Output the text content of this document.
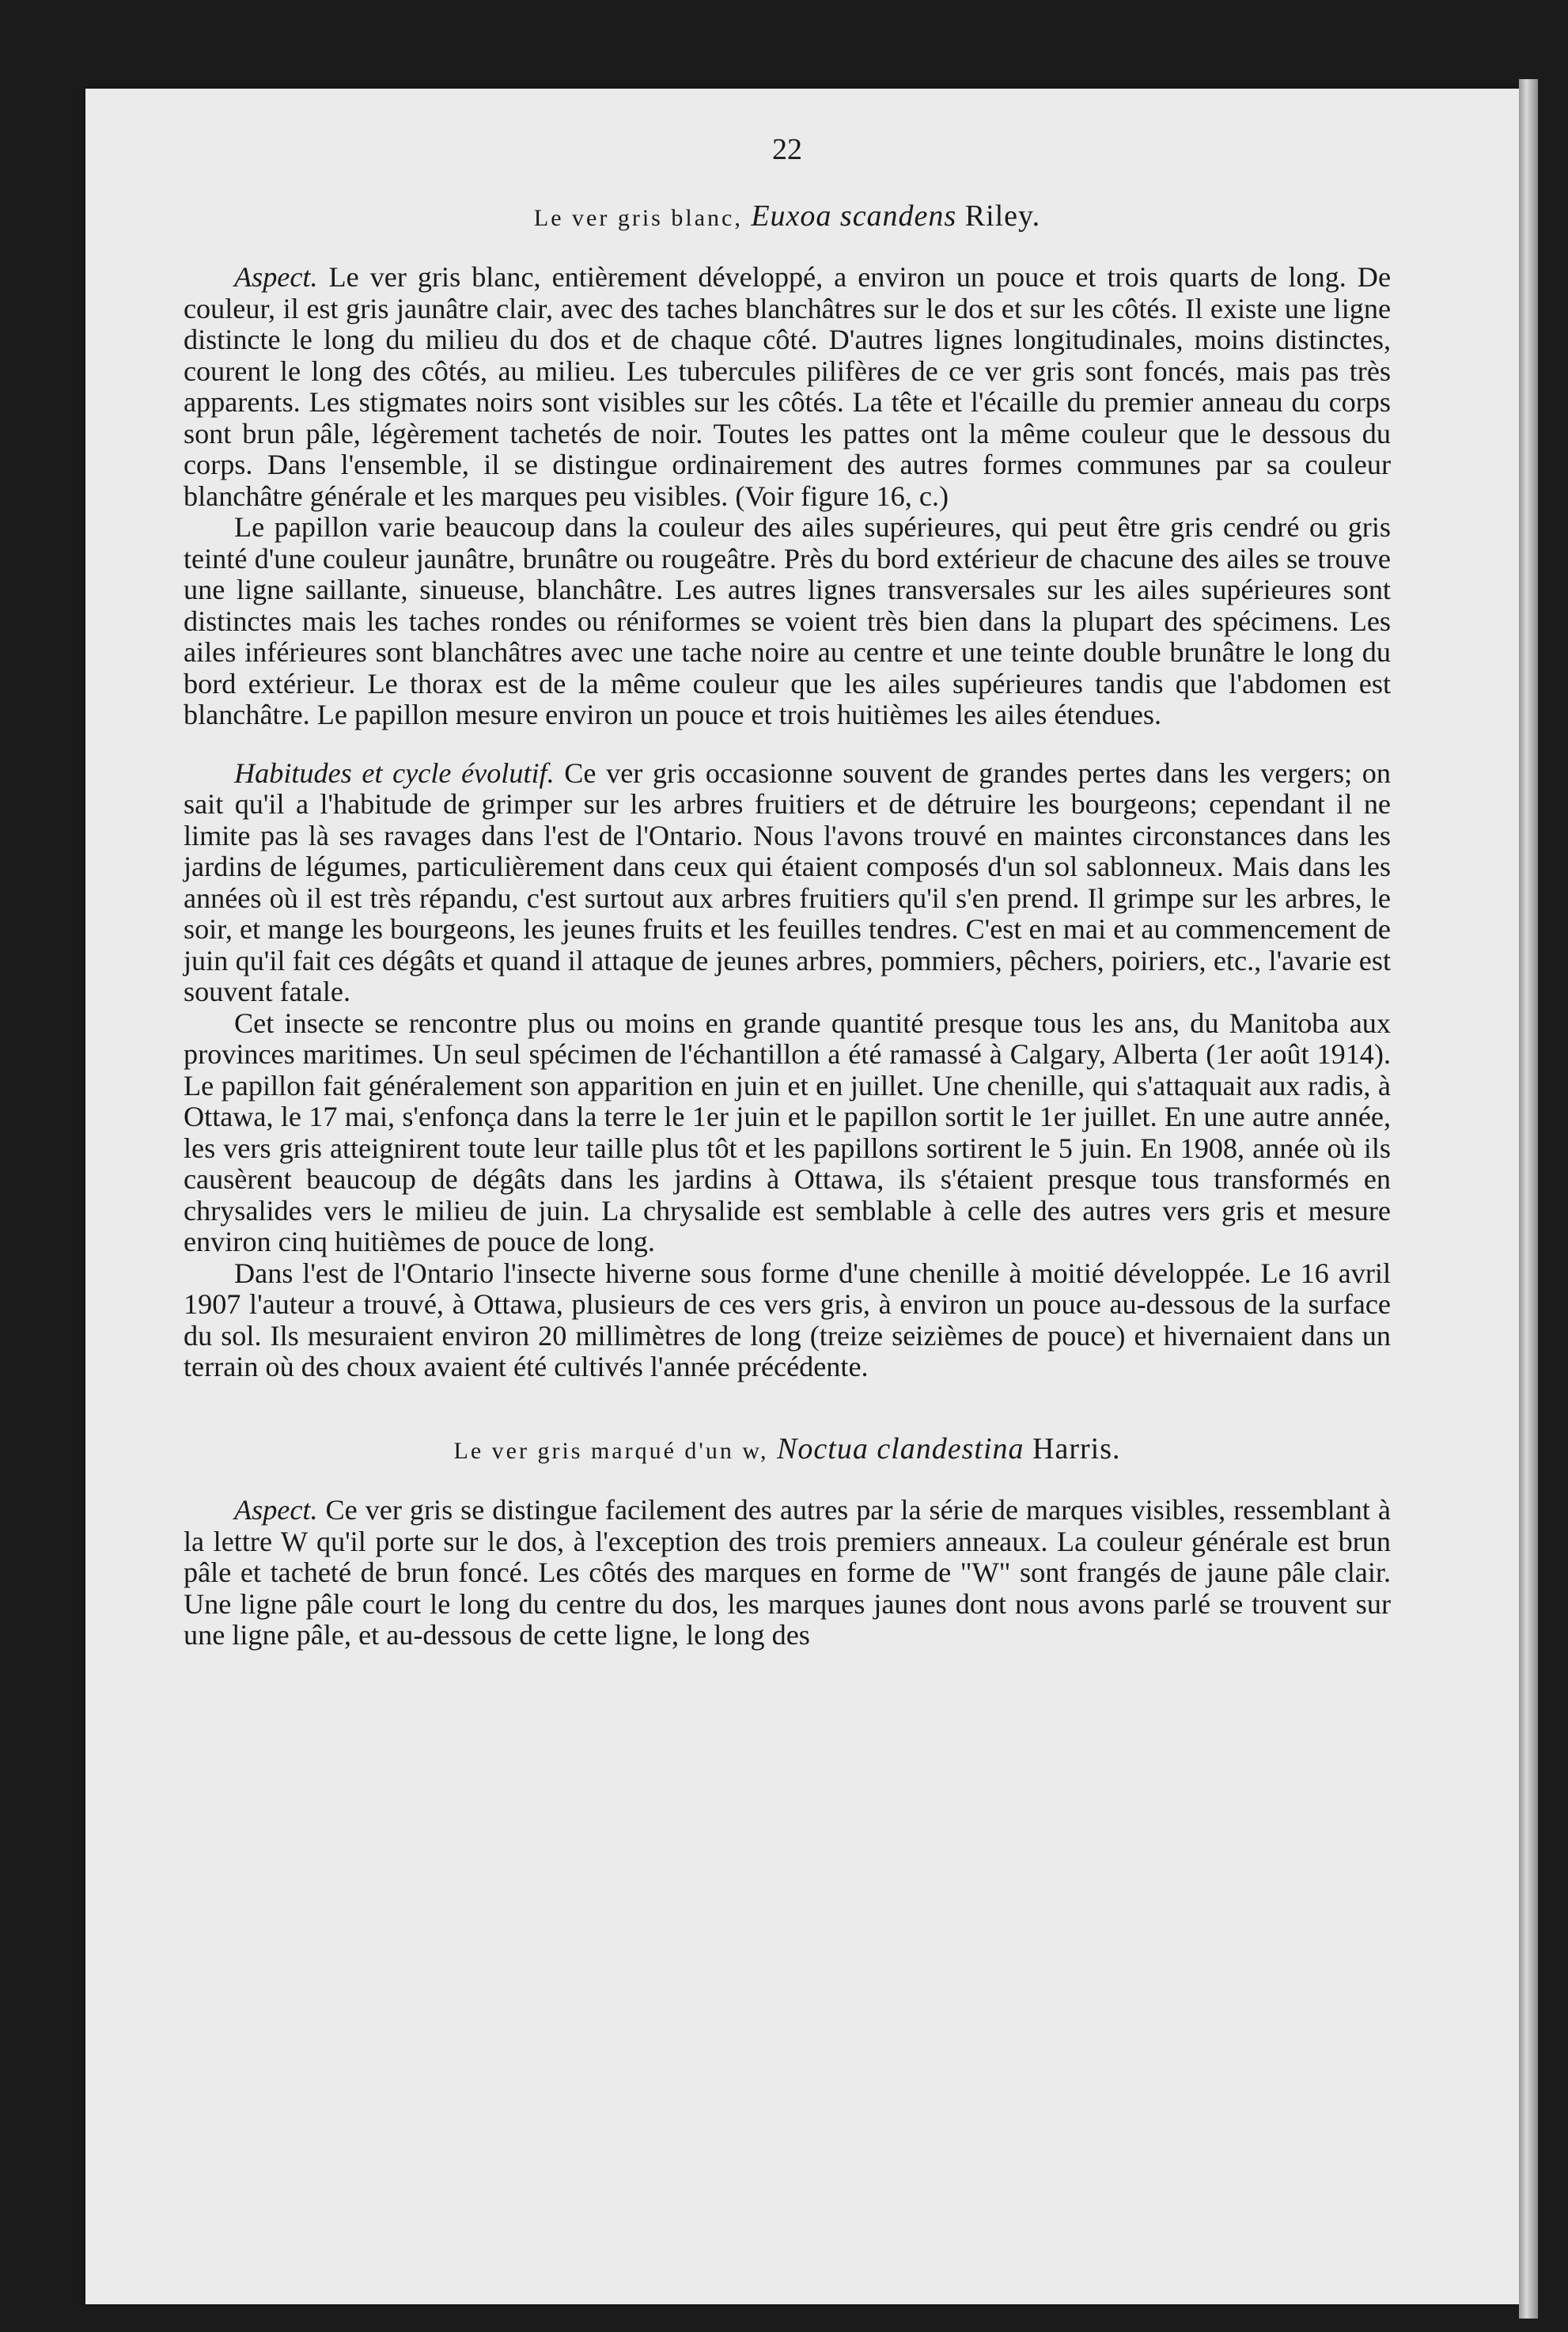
22
Le ver gris blanc, Euxoa scandens Riley.

Aspect. Le ver gris blanc, entièrement développé, a environ un pouce et trois quarts de long. De couleur, il est gris jaunâtre clair, avec des taches blanchâtres sur le dos et sur les côtés. Il existe une ligne distincte le long du milieu du dos et de chaque côté. D'autres lignes longitudinales, moins distinctes, courent le long des côtés, au milieu. Les tubercules pilifères de ce ver gris sont foncés, mais pas très apparents. Les stigmates noirs sont visibles sur les côtés. La tête et l'écaille du premier anneau du corps sont brun pâle, légèrement tachetés de noir. Toutes les pattes ont la même couleur que le dessous du corps. Dans l'ensemble, il se distingue ordinairement des autres formes communes par sa couleur blanchâtre générale et les marques peu visibles. (Voir figure 16, c.)

Le papillon varie beaucoup dans la couleur des ailes supérieures, qui peut être gris cendré ou gris teinté d'une couleur jaunâtre, brunâtre ou rougeâtre. Près du bord extérieur de chacune des ailes se trouve une ligne saillante, sinueuse, blanchâtre. Les autres lignes transversales sur les ailes supérieures sont distinctes mais les taches rondes ou réniformes se voient très bien dans la plupart des spécimens. Les ailes inférieures sont blanchâtres avec une tache noire au centre et une teinte double brunâtre le long du bord extérieur. Le thorax est de la même couleur que les ailes supérieures tandis que l'abdomen est blanchâtre. Le papillon mesure environ un pouce et trois huitièmes les ailes étendues.

Habitudes et cycle évolutif. Ce ver gris occasionne souvent de grandes pertes dans les vergers; on sait qu'il a l'habitude de grimper sur les arbres fruitiers et de détruire les bourgeons; cependant il ne limite pas là ses ravages dans l'est de l'Ontario. Nous l'avons trouvé en maintes circonstances dans les jardins de légumes, particulièrement dans ceux qui étaient composés d'un sol sablonneux. Mais dans les années où il est très répandu, c'est surtout aux arbres fruitiers qu'il s'en prend. Il grimpe sur les arbres, le soir, et mange les bourgeons, les jeunes fruits et les feuilles tendres. C'est en mai et au commencement de juin qu'il fait ces dégâts et quand il attaque de jeunes arbres, pommiers, pêchers, poiriers, etc., l'avarie est souvent fatale.

Cet insecte se rencontre plus ou moins en grande quantité presque tous les ans, du Manitoba aux provinces maritimes. Un seul spécimen de l'échantillon a été ramassé à Calgary, Alberta (1er août 1914). Le papillon fait généralement son apparition en juin et en juillet. Une chenille, qui s'attaquait aux radis, à Ottawa, le 17 mai, s'enfonça dans la terre le 1er juin et le papillon sortit le 1er juillet. En une autre année, les vers gris atteignirent toute leur taille plus tôt et les papillons sortirent le 5 juin. En 1908, année où ils causèrent beaucoup de dégâts dans les jardins à Ottawa, ils s'étaient presque tous transformés en chrysalides vers le milieu de juin. La chrysalide est semblable à celle des autres vers gris et mesure environ cinq huitièmes de pouce de long.

Dans l'est de l'Ontario l'insecte hiverne sous forme d'une chenille à moitié développée. Le 16 avril 1907 l'auteur a trouvé, à Ottawa, plusieurs de ces vers gris, à environ un pouce au-dessous de la surface du sol. Ils mesuraient environ 20 millimètres de long (treize seizièmes de pouce) et hivernaient dans un terrain où des choux avaient été cultivés l'année précédente.

Le ver gris marqué d'un w, Noctua clandestina Harris.

Aspect. Ce ver gris se distingue facilement des autres par la série de marques visibles, ressemblant à la lettre W qu'il porte sur le dos, à l'exception des trois premiers anneaux. La couleur générale est brun pâle et tacheté de brun foncé. Les côtés des marques en forme de "W" sont frangés de jaune pâle clair. Une ligne pâle court le long du centre du dos, les marques jaunes dont nous avons parlé se trouvent sur une ligne pâle, et au-dessous de cette ligne, le long des
